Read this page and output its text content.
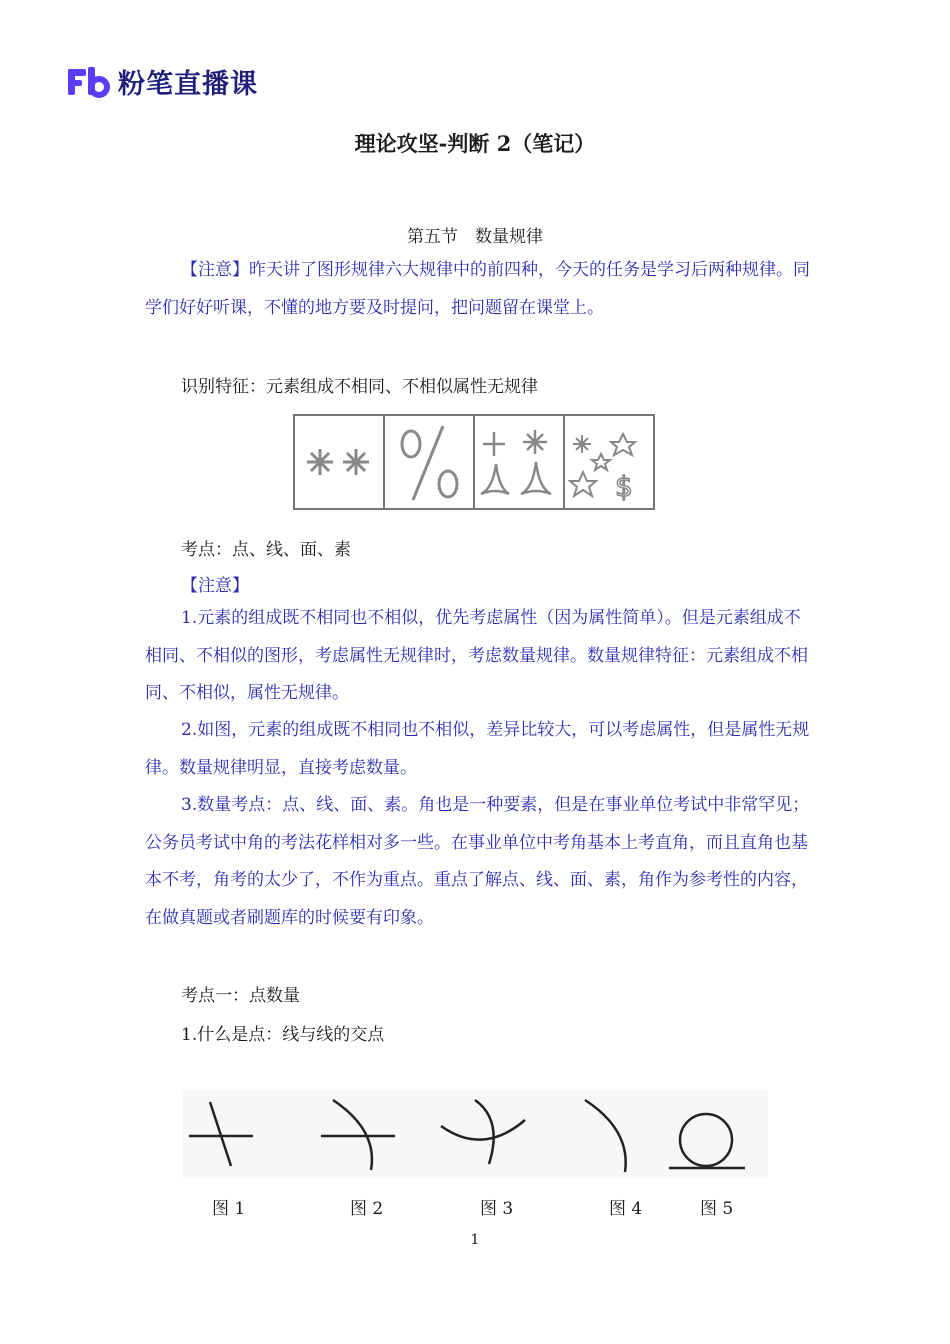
粉笔直播课
理论攻坚-判断 2（笔记）
第五节　数量规律

【注意】昨天讲了图形规律六大规律中的前四种，今天的任务是学习后两种规律。同学们好好听课，不懂的地方要及时提问，把问题留在课堂上。

识别特征：元素组成不相同、不相似属性无规律
$
考点：点、线、面、素
【注意】

1.元素的组成既不相同也不相似，优先考虑属性（因为属性简单）。但是元素组成不相同、不相似的图形，考虑属性无规律时，考虑数量规律。数量规律特征：元素组成不相同、不相似，属性无规律。

2.如图，元素的组成既不相同也不相似，差异比较大，可以考虑属性，但是属性无规律。数量规律明显，直接考虑数量。

3.数量考点：点、线、面、素。角也是一种要素，但是在事业单位考试中非常罕见；公务员考试中角的考法花样相对多一些。在事业单位中考角基本上考直角，而且直角也基本不考，角考的太少了，不作为重点。重点了解点、线、面、素，角作为参考性的内容，在做真题或者刷题库的时候要有印象。

考点一：点数量
1.什么是点：线与线的交点
图 1	图 2	图 3	图 4	图 5
1
